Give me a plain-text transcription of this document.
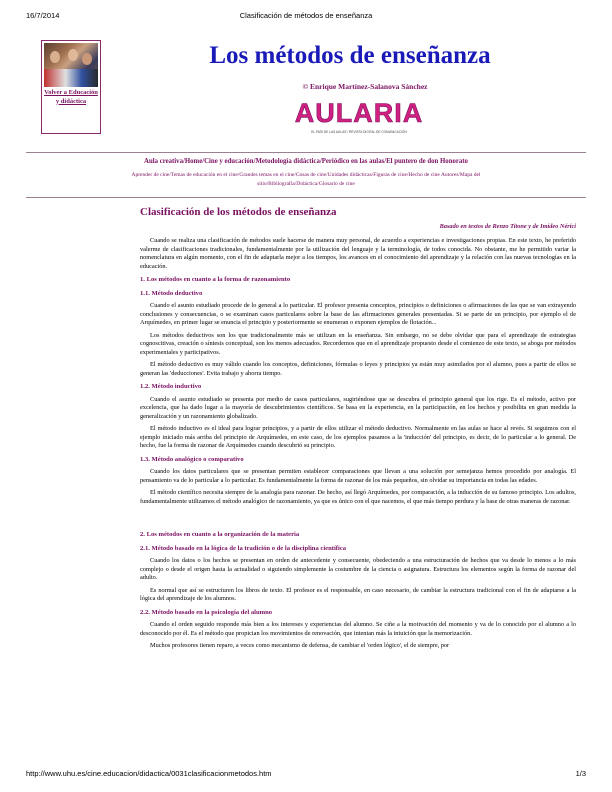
16/7/2014	Clasificación de métodos de enseñanza
Volver a Educación y didáctica
Los métodos de enseñanza
© Enrique Martínez-Salanova Sánchez
AULARIA
EL PAÍS DE LAS AULAS / REVISTA DIGITAL DE COMUNICACIÓN
Aula creativa/Home/Cine y educación/Metodología didáctica/Periódico en las aulas/El puntero de don Honorato
Aprender de cine/Temas de educación en el cine/Grandes temas en el cine/Cosas de cine/Unidades didácticas/Figuras de cine/Hecho de cine Autores/Mapa del sitio/Bibliografía/Didáctica/Glosario de cine
Clasificación de los métodos de enseñanza
Basado en textos de Renzo Titone y de Imídeo Nérici

Cuando se realiza una clasificación de métodos suele hacerse de manera muy personal, de acuerdo a experiencias e investigaciones propias. En este texto, he preferido valerme de clasificaciones tradicionales, fundamentalmente por la utilización del lenguaje y la terminología, de todos conocida. No obstante, me he permitido variar la nomenclatura en algún momento, con el fin de adaptarla mejor a los tiempos, los avances en el conocimiento del aprendizaje y la relación con las nuevas tecnologías en la educación.

1. Los métodos en cuanto a la forma de razonamiento
1.1. Método deductivo

Cuando el asunto estudiado procede de lo general a lo particular. El profesor presenta conceptos, principios o definiciones o afirmaciones de las que se van extrayendo conclusiones y consecuencias, o se examinan casos particulares sobre la base de las afirmaciones generales presentadas. Si se parte de un principio, por ejemplo el de Arquímedes, en primer lugar se enuncia el principio y posteriormente se enumeran o exponen ejemplos de flotación...

Los métodos deductivos son los que tradicionalmente más se utilizan en la enseñanza. Sin embargo, no se debe olvidar que para el aprendizaje de estrategias cognoscitivas, creación o síntesis conceptual, son los menos adecuados. Recordemos que en el aprendizaje propuesto desde el comienzo de este texto, se aboga por métodos experimentales y participativos.

El método deductivo es muy válido cuando los conceptos, definiciones, fórmulas o leyes y principios ya están muy asimilados por el alumno, pues a partir de ellos se generan las 'deducciones'. Evita trabajo y ahorra tiempo.

1.2. Método inductivo

Cuando el asunto estudiado se presenta por medio de casos particulares, sugiriéndose que se descubra el principio general que los rige. Es el método, activo por excelencia, que ha dado lugar a la mayoría de descubrimientos científicos. Se basa en la experiencia, en la participación, en los hechos y posibilita en gran medida la generalización y un razonamiento globalizado.

El método inductivo es el ideal para lograr principios, y a partir de ellos utilizar el método deductivo. Normalmente en las aulas se hace al revés. Si seguimos con el ejemplo iniciado más arriba del principio de Arquímedes, en este caso, de los ejemplos pasamos a la 'inducción' del principio, es decir, de lo particular a lo general. De hecho, fue la forma de razonar de Arquímedes cuando descubrió su principio.

1.3. Método analógico o comparativo

Cuando los datos particulares que se presentan permiten establecer comparaciones que llevan a una solución por semejanza hemos procedido por analogía. El pensamiento va de lo particular a lo particular. Es fundamentalmente la forma de razonar de los más pequeños, sin olvidar su importancia en todas las edades.

El método científico necesita siempre de la analogía para razonar. De hecho, así llegó Arquímedes, por comparación, a la inducción de su famoso principio. Los adultos, fundamentalmente utilizamos el método analógico de razonamiento, ya que es único con el que nacemos, el que más tiempo perdura y la base de otras maneras de razonar.

2. Los métodos en cuanto a la organización de la materia
2.1. Método basado en la lógica de la tradición o de la disciplina científica

Cuando los datos o los hechos se presentan en orden de antecedente y consecuente, obedeciendo a una estructuración de hechos que va desde lo menos a lo más complejo o desde el origen hasta la actualidad o siguiendo simplemente la costumbre de la ciencia o asignatura. Estructura los elementos según la forma de razonar del adulto.

Es normal que así se estructuren los libros de texto. El profesor es el responsable, en caso necesario, de cambiar la estructura tradicional con el fin de adaptarse a la lógica del aprendizaje de los alumnos.

2.2. Método basado en la psicología del alumno

Cuando el orden seguido responde más bien a los intereses y experiencias del alumno. Se ciñe a la motivación del momento y va de lo conocido por el alumno a lo desconocido por él. Es el método que propician los movimientos de renovación, que intentan más la intuición que la memorización.

Muchos profesores tienen reparo, a veces como mecanismo de defensa, de cambiar el 'orden lógico', el de siempre, por

http://www.uhu.es/cine.educacion/didactica/0031clasificacionmetodos.htm	1/3
